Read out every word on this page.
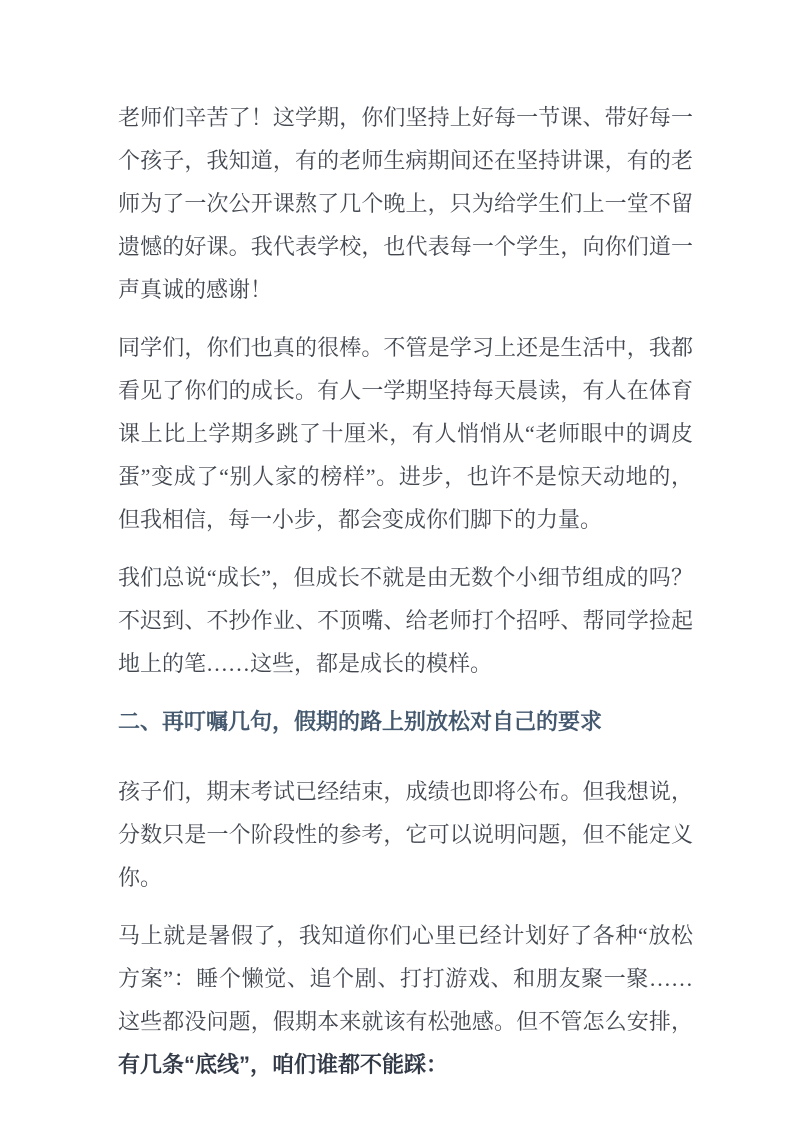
老师们辛苦了！这学期，你们坚持上好每一节课、带好每一个孩子，我知道，有的老师生病期间还在坚持讲课，有的老师为了一次公开课熬了几个晚上，只为给学生们上一堂不留遗憾的好课。我代表学校，也代表每一个学生，向你们道一声真诚的感谢！

同学们，你们也真的很棒。不管是学习上还是生活中，我都看见了你们的成长。有人一学期坚持每天晨读，有人在体育课上比上学期多跳了十厘米，有人悄悄从“老师眼中的调皮蛋”变成了“别人家的榜样”。进步，也许不是惊天动地的，但我相信，每一小步，都会变成你们脚下的力量。

我们总说“成长”，但成长不就是由无数个小细节组成的吗？不迟到、不抄作业、不顶嘴、给老师打个招呼、帮同学捡起地上的笔……这些，都是成长的模样。

二、再叮嘱几句，假期的路上别放松对自己的要求

孩子们，期末考试已经结束，成绩也即将公布。但我想说，分数只是一个阶段性的参考，它可以说明问题，但不能定义你。

马上就是暑假了，我知道你们心里已经计划好了各种“放松方案”：睡个懒觉、追个剧、打打游戏、和朋友聚一聚……这些都没问题，假期本来就该有松弛感。但不管怎么安排，有几条“底线”，咱们谁都不能踩：
